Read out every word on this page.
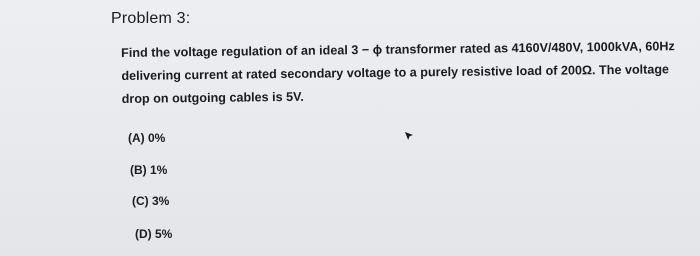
Problem 3:
Find the voltage regulation of an ideal 3 − ϕ transformer rated as 4160V/480V, 1000kVA, 60Hz delivering current at rated secondary voltage to a purely resistive load of 200Ω. The voltage drop on outgoing cables is 5V.
(A) 0%
(B) 1%
(C) 3%
(D) 5%
